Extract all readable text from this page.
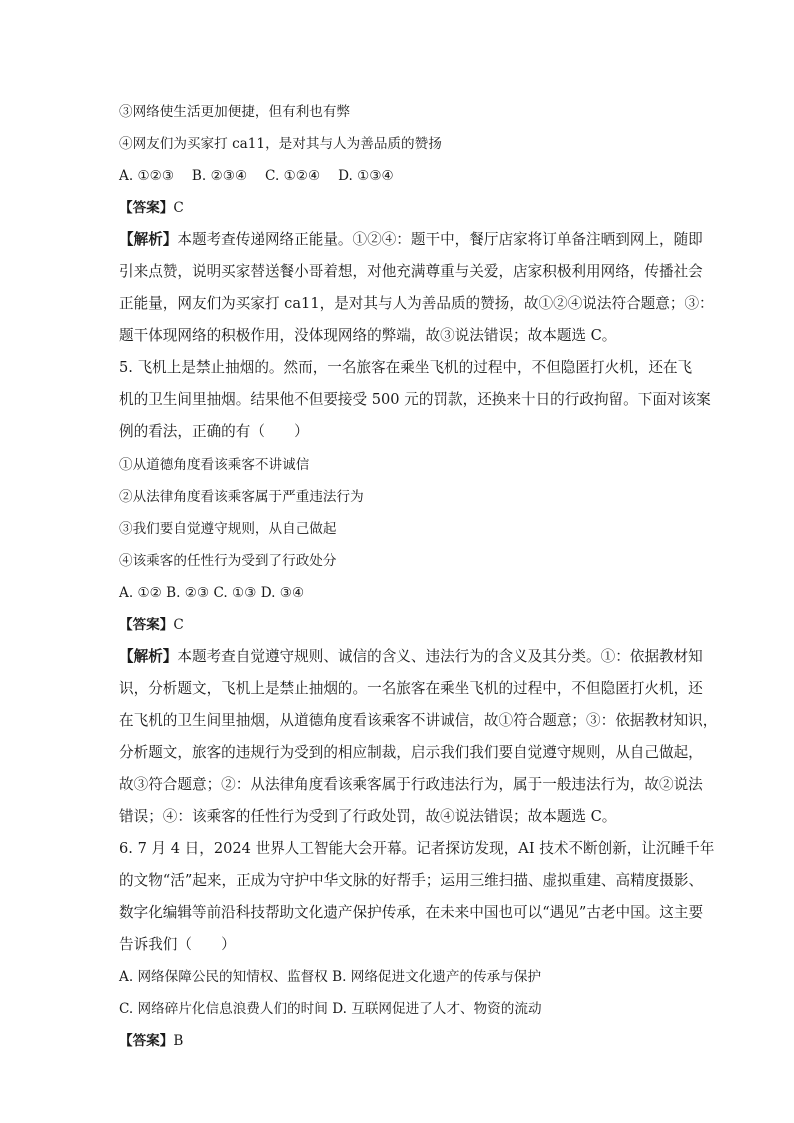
③网络使生活更加便捷，但有利也有弊
④网友们为买家打 ca11，是对其与人为善品质的赞扬
A. ①②③　 B. ②③④　 C. ①②④　 D. ①③④
【答案】C
【解析】本题考查传递网络正能量。①②④：题干中，餐厅店家将订单备注晒到网上，随即
引来点赞，说明买家替送餐小哥着想，对他充满尊重与关爱，店家积极利用网络，传播社会
正能量，网友们为买家打 ca11，是对其与人为善品质的赞扬，故①②④说法符合题意；③：
题干体现网络的积极作用，没体现网络的弊端，故③说法错误；故本题选 C。
5. 飞机上是禁止抽烟的。然而，一名旅客在乘坐飞机的过程中，不但隐匿打火机，还在飞
机的卫生间里抽烟。结果他不但要接受 500 元的罚款，还换来十日的行政拘留。下面对该案
例的看法，正确的有（　　）
①从道德角度看该乘客不讲诚信
②从法律角度看该乘客属于严重违法行为
③我们要自觉遵守规则，从自己做起
④该乘客的任性行为受到了行政处分
A. ①② B. ②③ C. ①③ D. ③④
【答案】C
【解析】本题考查自觉遵守规则、诚信的含义、违法行为的含义及其分类。①：依据教材知
识，分析题文，飞机上是禁止抽烟的。一名旅客在乘坐飞机的过程中，不但隐匿打火机，还
在飞机的卫生间里抽烟，从道德角度看该乘客不讲诚信，故①符合题意；③：依据教材知识，
分析题文，旅客的违规行为受到的相应制裁，启示我们我们要自觉遵守规则，从自己做起，
故③符合题意；②：从法律角度看该乘客属于行政违法行为，属于一般违法行为，故②说法
错误；④：该乘客的任性行为受到了行政处罚，故④说法错误；故本题选 C。
6. 7 月 4 日，2024 世界人工智能大会开幕。记者探访发现，AI 技术不断创新，让沉睡千年
的文物“活”起来，正成为守护中华文脉的好帮手；运用三维扫描、虚拟重建、高精度摄影、
数字化编辑等前沿科技帮助文化遗产保护传承，在未来中国也可以“遇见”古老中国。这主要
告诉我们（　　）
A. 网络保障公民的知情权、监督权 B. 网络促进文化遗产的传承与保护
C. 网络碎片化信息浪费人们的时间 D. 互联网促进了人才、物资的流动
【答案】B
